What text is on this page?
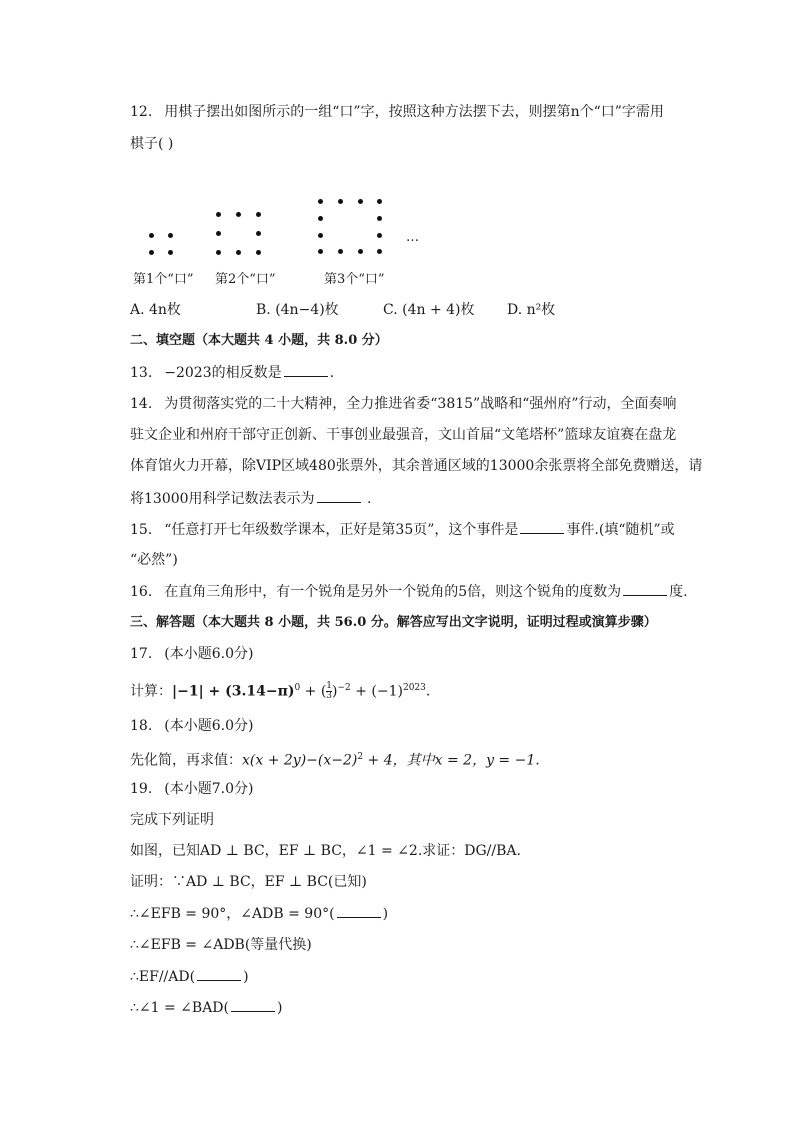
12. 用棋子摆出如图所示的一组“口”字，按照这种方法摆下去，则摆第n个“口”字需用
棋子( )
…
第1个“口” 第2个“口”	第3个“口”
A. 4n枚	B. (4n−4)枚	C. (4n + 4)枚 D. n²枚
二、填空题（本大题共 4 小题，共 8.0 分）
13. −2023的相反数是	.
14. 为贯彻落实党的二十大精神，全力推进省委“3815”战略和“强州府”行动，全面奏响
驻文企业和州府干部守正创新、干事创业最强音，文山首届“文笔塔杯”篮球友谊赛在盘龙
体育馆火力开幕，除VIP区域480张票外，其余普通区域的13000余张票将全部免费赠送，请
将13000用科学记数法表示为	.
15. “任意打开七年级数学课本，正好是第35页”，这个事件是	事件.(填“随机”或
“必然”)
16. 在直角三角形中，有一个锐角是另外一个锐角的5倍，则这个锐角的度数为	度.
三、解答题（本大题共 8 小题，共 56.0 分。解答应写出文字说明，证明过程或演算步骤）
17. (本小题6.0分)
计算：$|-1| + (3.14-\pi)^0$ + ( $\frac{1}{3} )^{-2} + (-1)^{2023}$.
18. (本小题6.0分)
先化简，再求值：$x(x + 2y)-(x-2)^2 + 4$，其中x = 2，y = −1.
19. (本小题7.0分)
完成下列证明
如图，已知AD ⊥ BC，EF ⊥ BC，∠1 = ∠2.求证：DG//BA.
证明：∵AD ⊥ BC，EF ⊥ BC(已知)
∴∠EFB = 90°，∠ADB = 90°(	)
∴∠EFB = ∠ADB(等量代换)
∴EF//AD(	)
∴∠1 = ∠BAD(	)
